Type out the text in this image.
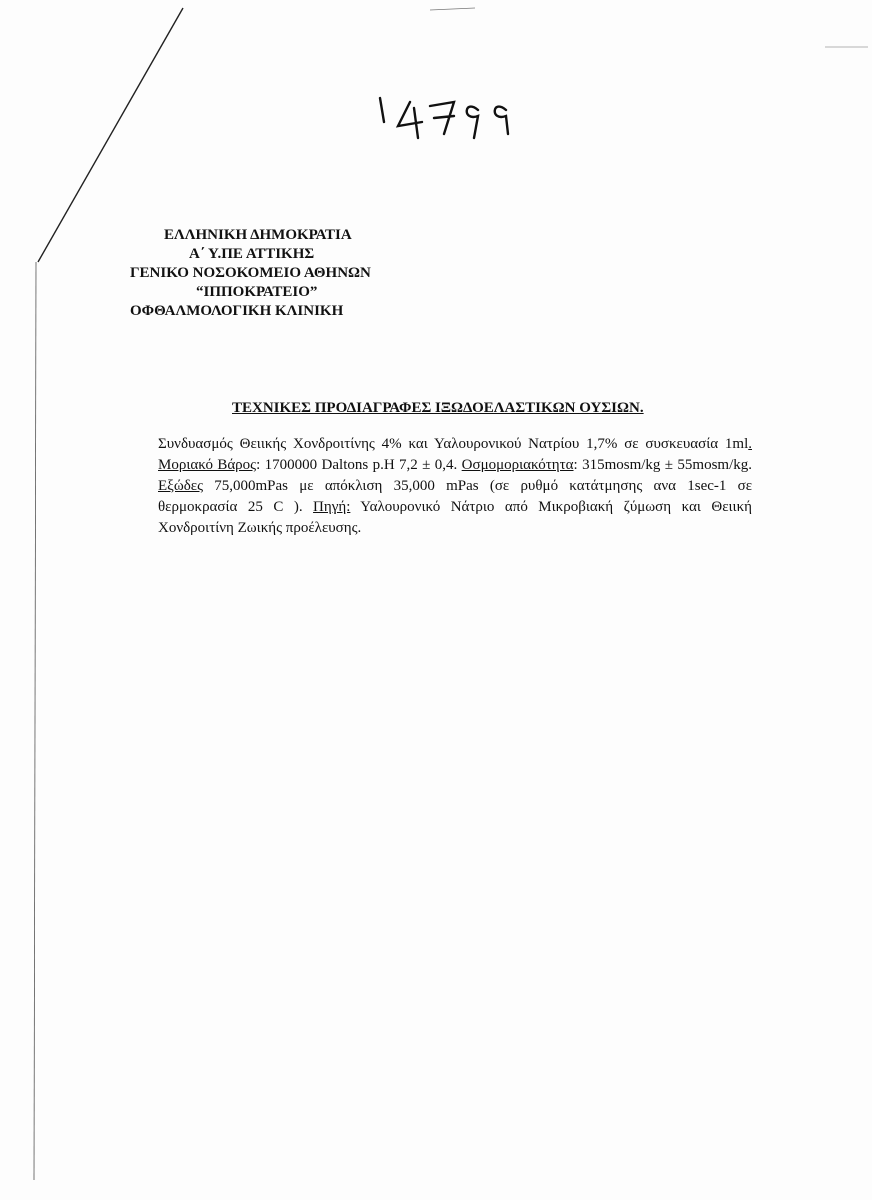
ΕΛΛΗΝΙΚΗ ΔΗΜΟΚΡΑΤΙΑ
Α΄ Υ.ΠΕ ΑΤΤΙΚΗΣ
ΓΕΝΙΚΟ ΝΟΣΟΚΟΜΕΙΟ ΑΘΗΝΩΝ
“ΙΠΠΟΚΡΑΤΕΙΟ”
ΟΦΘΑΛΜΟΛΟΓΙΚΗ ΚΛΙΝΙΚΗ
ΤΕΧΝΙΚΕΣ ΠΡΟΔΙΑΓΡΑΦΕΣ ΙΞΩΔΟΕΛΑΣΤΙΚΩΝ ΟΥΣΙΩΝ.
Συνδυασμός Θειικής Χονδροιτίνης 4% και Υαλουρονικού Νατρίου 1,7% σε συσκευασία 1ml. Μοριακό Βάρος: 1700000 Daltons p.H 7,2 ± 0,4. Οσμομοριακότητα: 315mosm/kg ± 55mosm/kg. Εξώδες 75,000mPas με απόκλιση 35,000 mPas (σε ρυθμό κατάτμησης ανα 1sec-1 σε θερμοκρασία 25 C ). Πηγή: Υαλουρονικό Νάτριο από Μικροβιακή ζύμωση και Θειική Χονδροιτίνη Ζωικής προέλευσης.
